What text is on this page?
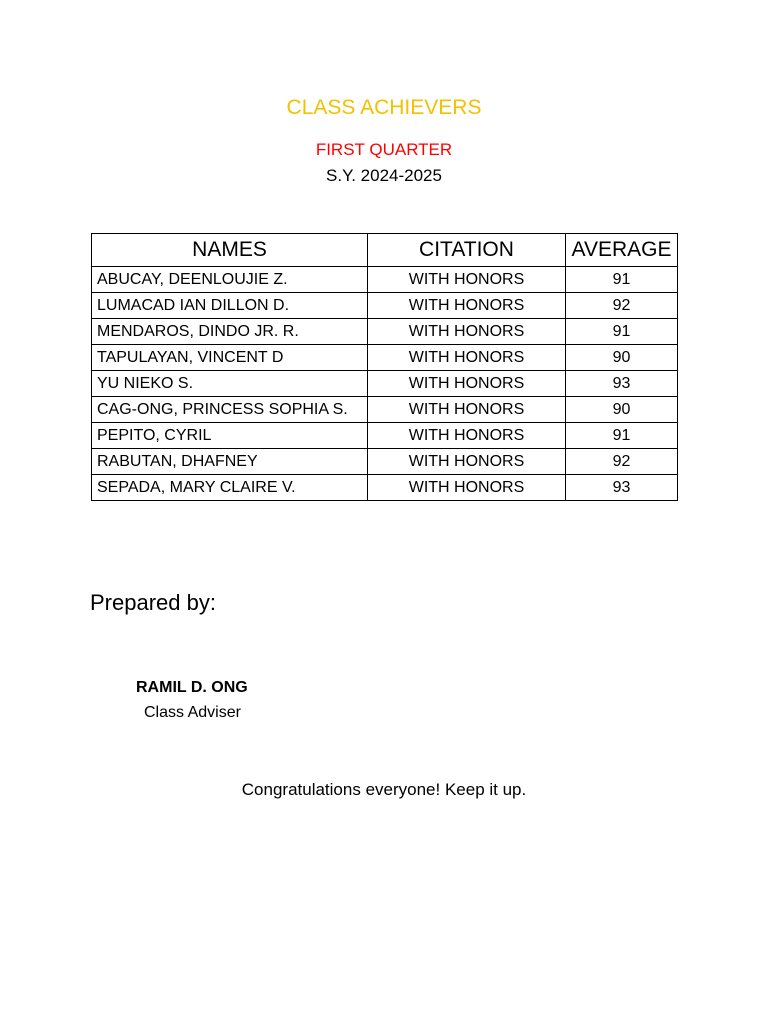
CLASS ACHIEVERS
FIRST QUARTER
S.Y. 2024-2025
NAMES	CITATION	AVERAGE
ABUCAY, DEENLOUJIE Z.	WITH HONORS	91
LUMACAD IAN DILLON D.	WITH HONORS	92
MENDAROS, DINDO JR. R.	WITH HONORS	91
TAPULAYAN, VINCENT D	WITH HONORS	90
YU NIEKO S.	WITH HONORS	93
CAG-ONG, PRINCESS SOPHIA S.	WITH HONORS	90
PEPITO, CYRIL	WITH HONORS	91
RABUTAN, DHAFNEY	WITH HONORS	92
SEPADA, MARY CLAIRE V.	WITH HONORS	93
Prepared by:
RAMIL D. ONG
Class Adviser
Congratulations everyone! Keep it up.
